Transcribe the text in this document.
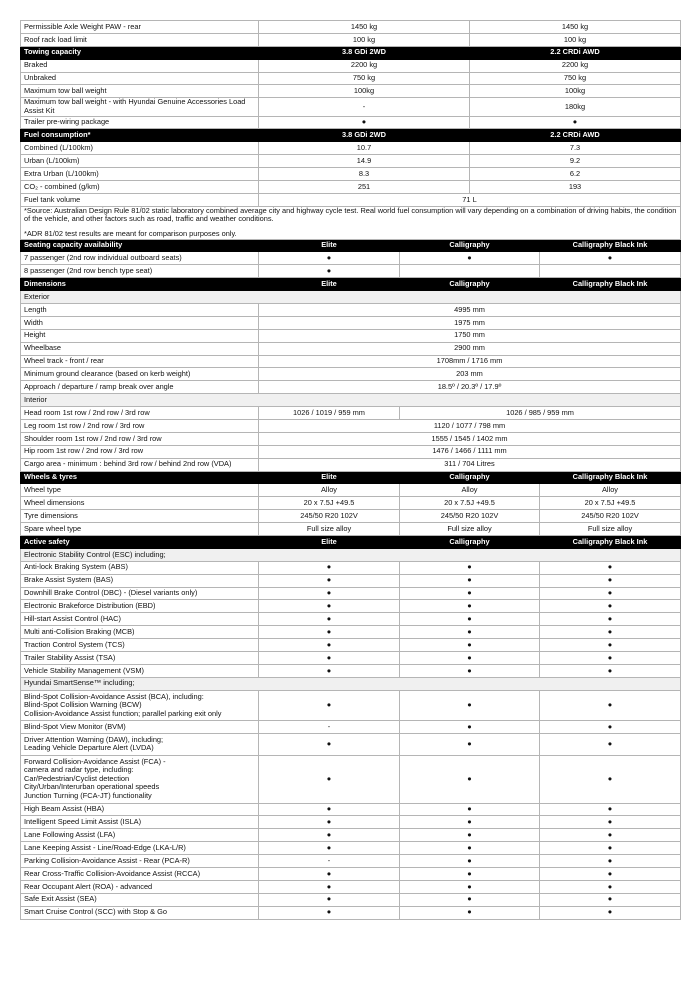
Permissible Axle Weight PAW - rear	1450 kg		1450 kg	
Roof rack load limit	100 kg		100 kg	
Towing capacity	3.8 GDi 2WD		2.2 CRDi AWD	
Braked	2200 kg		2200 kg	
Unbraked	750 kg		750 kg	
Maximum tow ball weight	100kg		100kg	
Maximum tow ball weight - with Hyundai Genuine Accessories Load Assist Kit	-		180kg	
Trailer pre-wiring package	●		●	
Fuel consumption*	3.8 GDi 2WD		2.2 CRDi AWD	
Combined (L/100km)	10.7		7.3	
Urban (L/100km)	14.9		9.2	
Extra Urban (L/100km)	8.3		6.2	
CO₂ - combined (g/km)	251		193	
Fuel tank volume	71 L			

*Source: Australian Design Rule 81/02 static laboratory combined average city and highway cycle test. Real world fuel consumption will vary depending on a combination of driving habits, the condition of the vehicle, and other factors such as road, traffic and weather conditions.
*ADR 81/02 test results are meant for comparison purposes only.				

Seating capacity availability	Elite	Calligraphy		Calligraphy Black Ink
7 passenger (2nd row individual outboard seats)	●	●		●
8 passenger (2nd row bench type seat)	●			
Dimensions	Elite	Calligraphy		Calligraphy Black Ink
Exterior				
Length	4995 mm			
Width	1975 mm			
Height	1750 mm			
Wheelbase	2900 mm			
Wheel track - front / rear	1708mm / 1716 mm			
Minimum ground clearance (based on kerb weight)	203 mm			
Approach / departure / ramp break over angle	18.5º / 20.3º / 17.9º			
Interior				
Head room 1st row / 2nd row / 3rd row	1026 / 1019 / 959 mm	1026 / 985 / 959 mm		
Leg room 1st row / 2nd row / 3rd row	1120 / 1077 / 798 mm			
Shoulder room 1st row / 2nd row / 3rd row	1555 / 1545 / 1402 mm			
Hip room 1st row / 2nd row / 3rd row	1476 / 1466 / 1111 mm			
Cargo area - minimum : behind 3rd row / behind 2nd row (VDA)	311 / 704 Litres			
Wheels & tyres	Elite	Calligraphy		Calligraphy Black Ink
Wheel type	Alloy	Alloy		Alloy
Wheel dimensions	20 x 7.5J +49.5	20 x 7.5J +49.5		20 x 7.5J +49.5
Tyre dimensions	245/50 R20 102V	245/50 R20 102V		245/50 R20 102V
Spare wheel type	Full size alloy	Full size alloy		Full size alloy
Active safety	Elite	Calligraphy		Calligraphy Black Ink
Electronic Stability Control (ESC) including;				
Anti-lock Braking System (ABS)	●	●		●
Brake Assist System (BAS)	●	●		●
Downhill Brake Control (DBC) - (Diesel variants only)	●	●		●
Electronic Brakeforce Distribution (EBD)	●	●		●
Hill-start Assist Control (HAC)	●	●		●
Multi anti-Collision Braking (MCB)	●	●		●
Traction Control System (TCS)	●	●		●
Trailer Stability Assist (TSA)	●	●		●
Vehicle Stability Management (VSM)	●	●		●
Hyundai SmartSense™ including;				

Blind-Spot Collision-Avoidance Assist (BCA), including:
Blind-Spot Collision Warning (BCW)
Collision-Avoidance Assist function; parallel parking exit only	●	●		●
Blind-Spot View Monitor (BVM)	-	●		●

Driver Attention Warning (DAW), including;
Leading Vehicle Departure Alert (LVDA)	●	●		●

Forward Collision-Avoidance Assist (FCA) -
camera and radar type, including:
Car/Pedestrian/Cyclist detection
City/Urban/Interurban operational speeds
Junction Turning (FCA-JT) functionality	●	●		●
High Beam Assist (HBA)	●	●		●
Intelligent Speed Limit Assist (ISLA)	●	●		●
Lane Following Assist (LFA)	●	●		●
Lane Keeping Assist - Line/Road-Edge (LKA-L/R)	●	●		●
Parking Collision-Avoidance Assist - Rear (PCA-R)	-	●		●
Rear Cross-Traffic Collision-Avoidance Assist (RCCA)	●	●		●
Rear Occupant Alert (ROA) - advanced	●	●		●
Safe Exit Assist (SEA)	●	●		●
Smart Cruise Control (SCC) with Stop & Go	●	●		●
